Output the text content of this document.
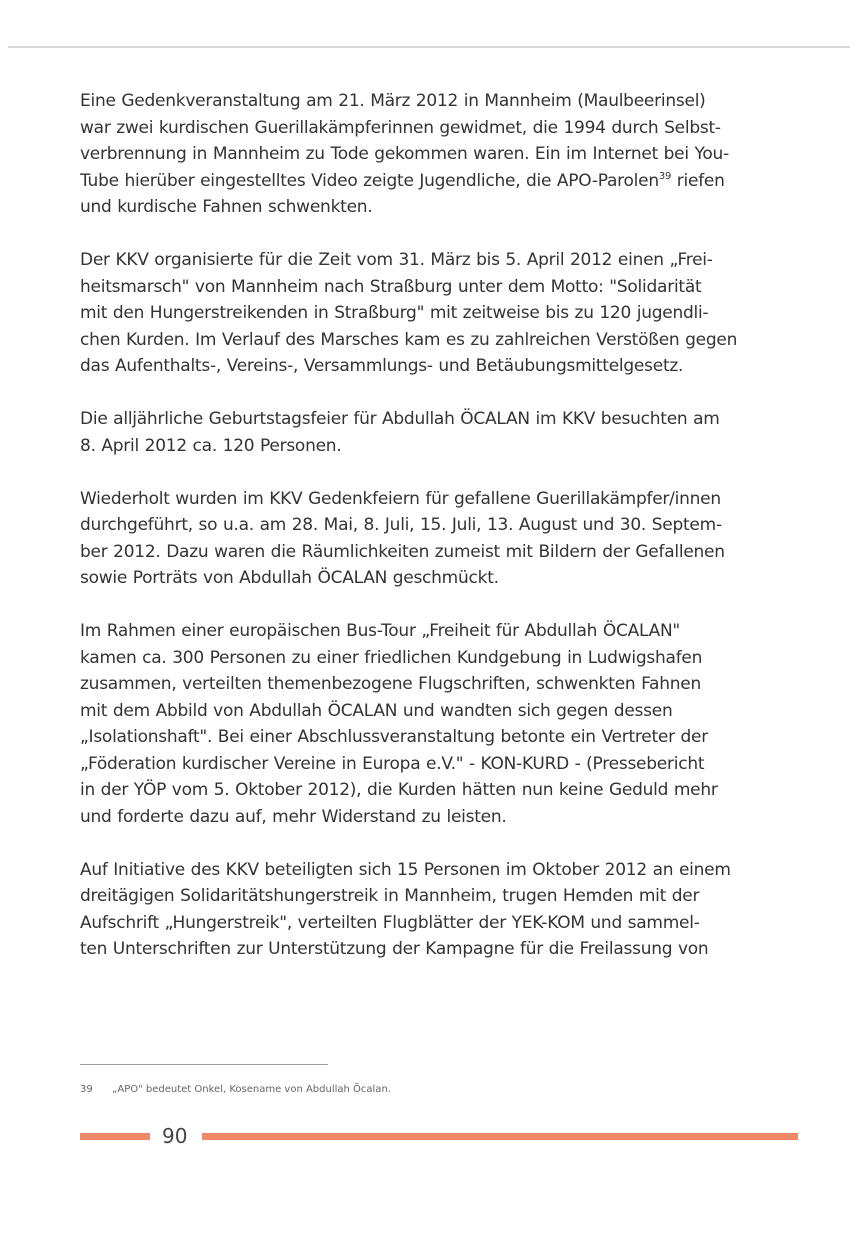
Eine Gedenkveranstaltung am 21. März 2012 in Mannheim (Maulbeerinsel)
war zwei kurdischen Guerillakämpferinnen gewidmet, die 1994 durch Selbst-
verbrennung in Mannheim zu Tode gekommen waren. Ein im Internet bei You-
Tube hierüber eingestelltes Video zeigte Jugendliche, die APO-Parolen$^{39}$ riefen
und kurdische Fahnen schwenkten.

Der KKV organisierte für die Zeit vom 31. März bis 5. April 2012 einen „Frei-
heitsmarsch" von Mannheim nach Straßburg unter dem Motto: "Solidarität
mit den Hungerstreikenden in Straßburg" mit zeitweise bis zu 120 jugendli-
chen Kurden. Im Verlauf des Marsches kam es zu zahlreichen Verstößen gegen
das Aufenthalts-, Vereins-, Versammlungs- und Betäubungsmittelgesetz.

Die alljährliche Geburtstagsfeier für Abdullah ÖCALAN im KKV besuchten am
8. April 2012 ca. 120 Personen.

Wiederholt wurden im KKV Gedenkfeiern für gefallene Guerillakämpfer/innen
durchgeführt, so u.a. am 28. Mai, 8. Juli, 15. Juli, 13. August und 30. Septem-
ber 2012. Dazu waren die Räumlichkeiten zumeist mit Bildern der Gefallenen
sowie Porträts von Abdullah ÖCALAN geschmückt.

Im Rahmen einer europäischen Bus-Tour „Freiheit für Abdullah ÖCALAN"
kamen ca. 300 Personen zu einer friedlichen Kundgebung in Ludwigshafen
zusammen, verteilten themenbezogene Flugschriften, schwenkten Fahnen
mit dem Abbild von Abdullah ÖCALAN und wandten sich gegen dessen
„Isolationshaft". Bei einer Abschlussveranstaltung betonte ein Vertreter der
„Föderation kurdischer Vereine in Europa e.V." - KON-KURD - (Pressebericht
in der YÖP vom 5. Oktober 2012), die Kurden hätten nun keine Geduld mehr
und forderte dazu auf, mehr Widerstand zu leisten.

Auf Initiative des KKV beteiligten sich 15 Personen im Oktober 2012 an einem
dreitägigen Solidaritätshungerstreik in Mannheim, trugen Hemden mit der
Aufschrift „Hungerstreik", verteilten Flugblätter der YEK-KOM und sammel-
ten Unterschriften zur Unterstützung der Kampagne für die Freilassung von

39 „APO" bedeutet Onkel, Kosename von Abdullah Öcalan.
90
